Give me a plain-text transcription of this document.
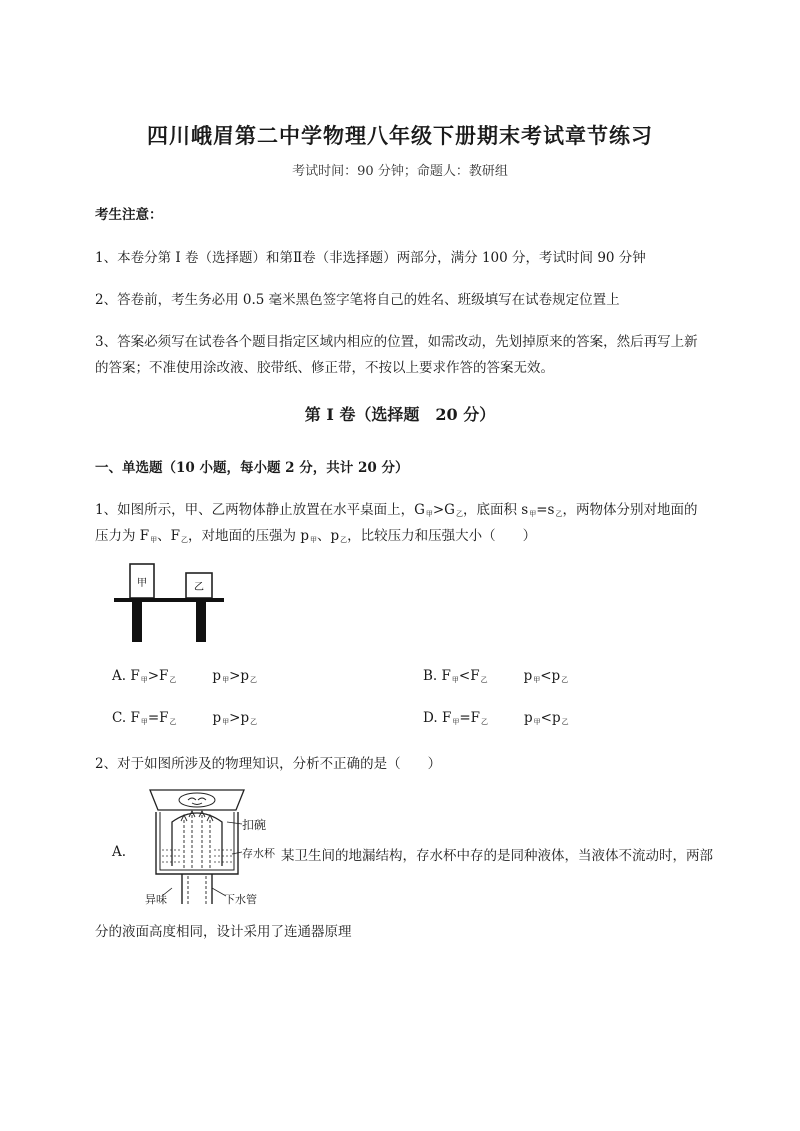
四川峨眉第二中学物理八年级下册期末考试章节练习
考试时间：90 分钟；命题人：教研组
考生注意：
1、本卷分第 I 卷（选择题）和第Ⅱ卷（非选择题）两部分，满分 100 分，考试时间 90 分钟
2、答卷前，考生务必用 0.5 毫米黑色签字笔将自己的姓名、班级填写在试卷规定位置上
3、答案必须写在试卷各个题目指定区域内相应的位置，如需改动，先划掉原来的答案，然后再写上新
的答案；不准使用涂改液、胶带纸、修正带，不按以上要求作答的答案无效。
第 I 卷（选择题　20 分）
一、单选题（10 小题，每小题 2 分，共计 20 分）
1、如图所示，甲、乙两物体静止放置在水平桌面上，$G_甲>G_乙$，底面积 $s_甲=s_乙$，两物体分别对地面的
压力为 $F_甲$、$F_乙$，对地面的压强为 $p_甲$、$p_乙$，比较压力和压强大小（　　）
甲	乙
A. $F_甲>F_乙$	$p_甲>p_乙$	B. $F_甲<F_乙$	$p_甲<p_乙$
C. $F_甲=F_乙$	$p_甲>p_乙$	D. $F_甲=F_乙$	$p_甲<p_乙$
2、对于如图所涉及的物理知识，分析不正确的是（　　）
A.
扣碗
存水杯
异味	下水管
某卫生间的地漏结构，存水杯中存的是同种液体，当液体不流动时，两部
分的液面高度相同，设计采用了连通器原理
